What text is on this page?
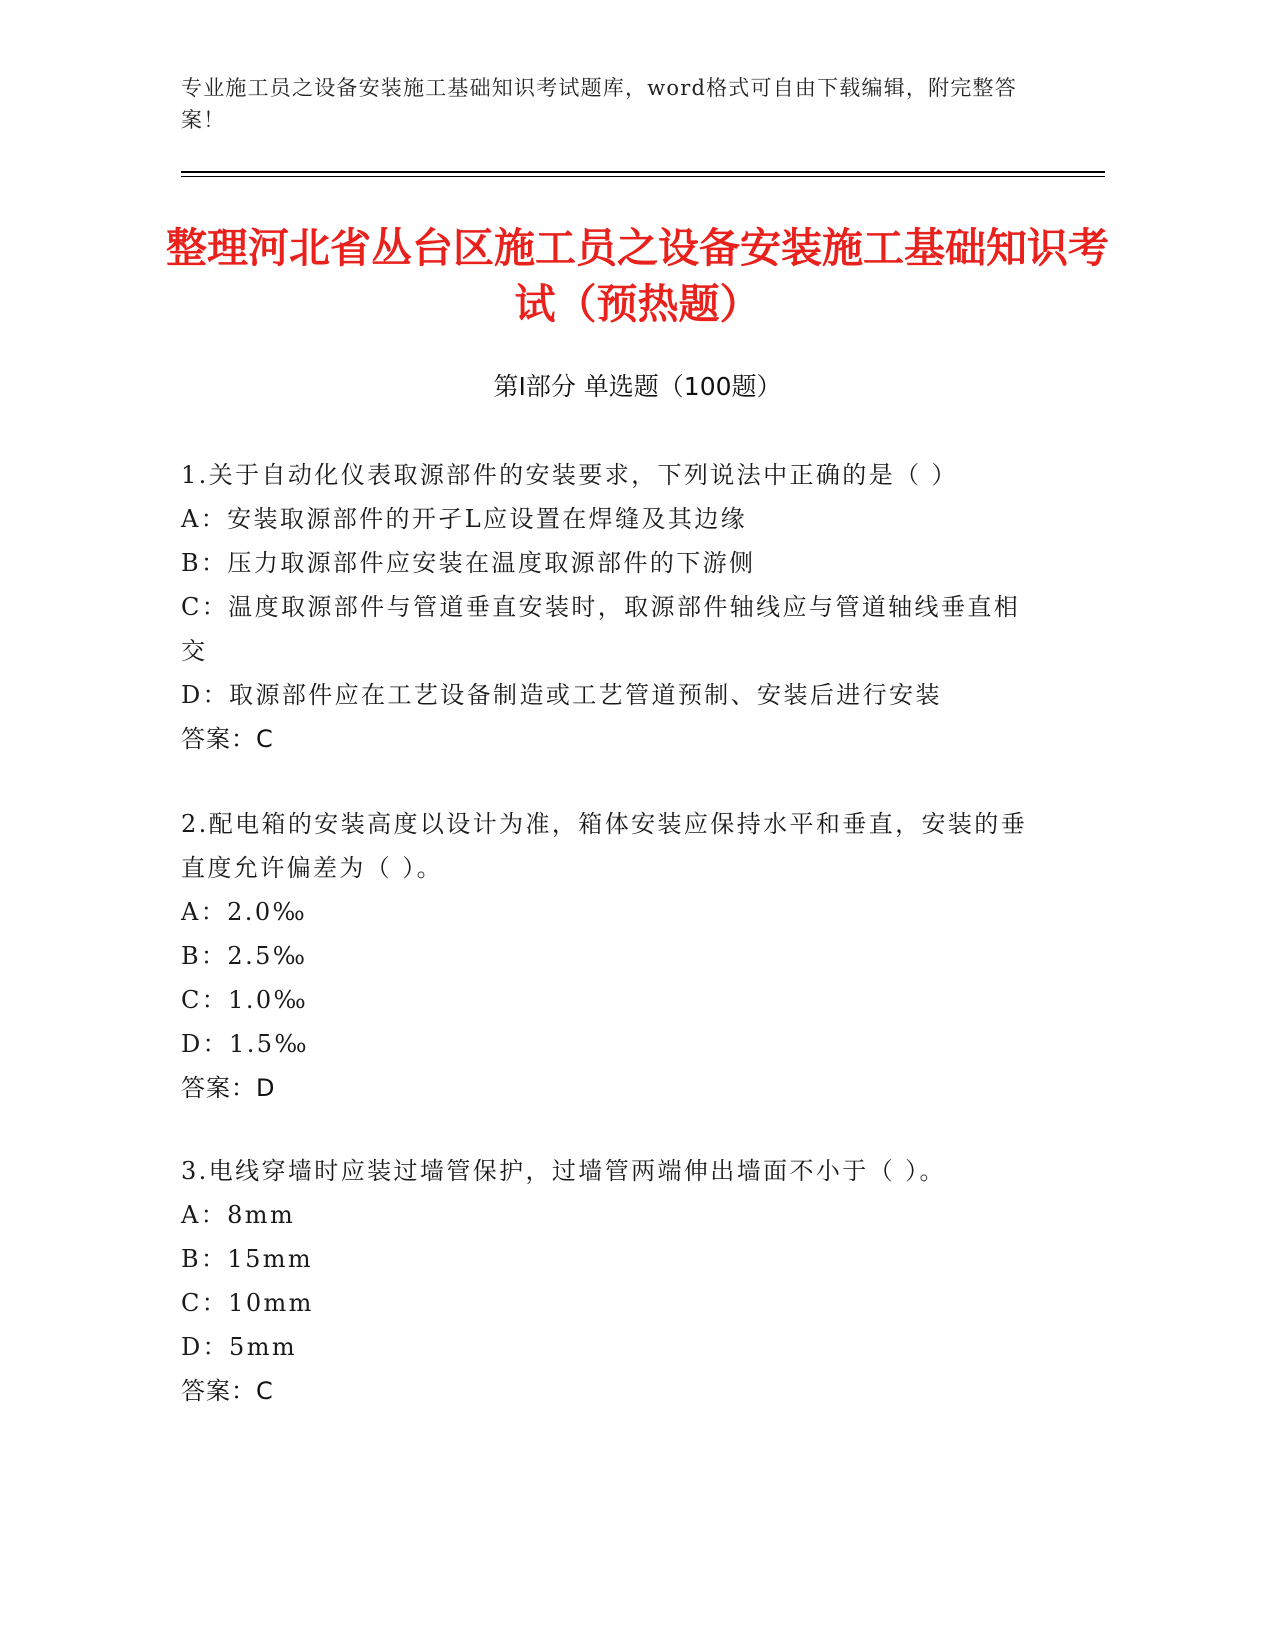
专业施工员之设备安装施工基础知识考试题库，word格式可自由下载编辑，附完整答案！
整理河北省丛台区施工员之设备安装施工基础知识考试（预热题）
第Ⅰ部分 单选题（100题）

1.关于自动化仪表取源部件的安装要求，下列说法中正确的是（ ）

A：安装取源部件的开孑L应设置在焊缝及其边缘

B：压力取源部件应安装在温度取源部件的下游侧

C：温度取源部件与管道垂直安装时，取源部件轴线应与管道轴线垂直相交

D：取源部件应在工艺设备制造或工艺管道预制、安装后进行安装

答案：C

2.配电箱的安装高度以设计为准，箱体安装应保持水平和垂直，安装的垂直度允许偏差为（ ）。

A：2.0‰

B：2.5‰

C：1.0‰

D：1.5‰

答案：D

3.电线穿墙时应装过墙管保护，过墙管两端伸出墙面不小于（ ）。

A：8mm

B：15mm

C：10mm

D：5mm

答案：C
